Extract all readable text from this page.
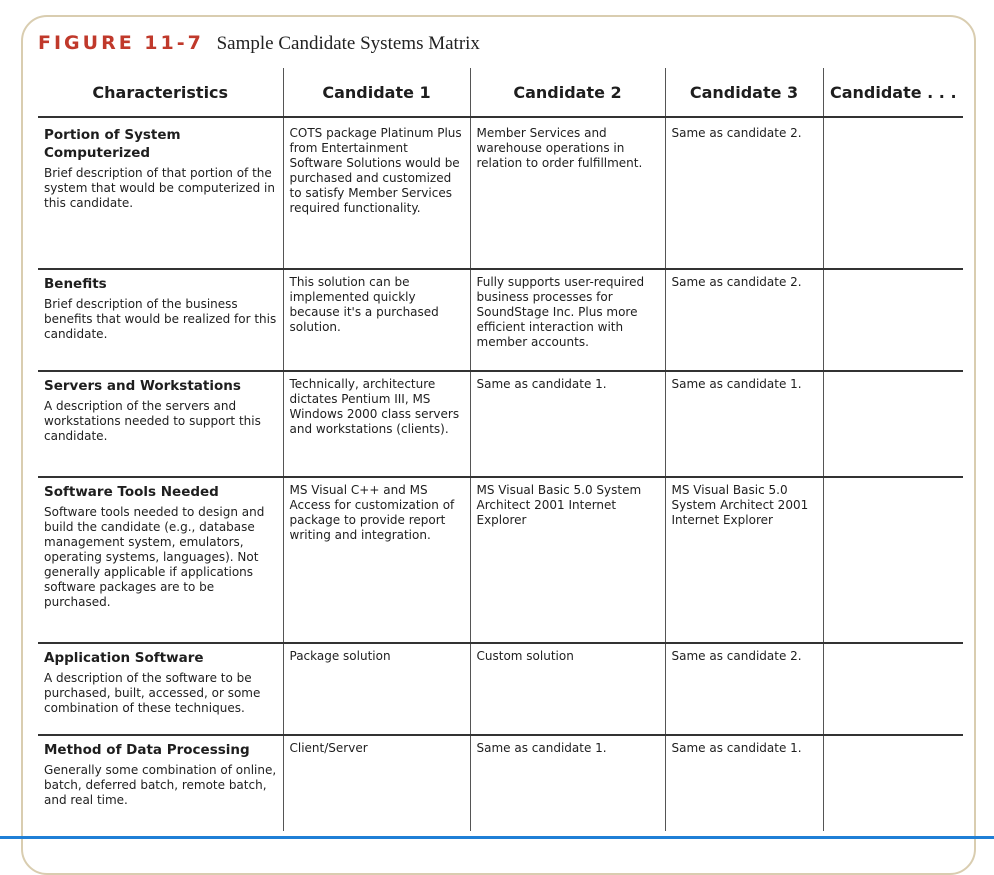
FIGURE 11-7 Sample Candidate Systems Matrix
Characteristics	Candidate 1	Candidate 2	Candidate 3	Candidate . . .

Portion of System Computerized
Brief description of that portion of the system that would be computerized in this candidate.	COTS package Platinum Plus from Entertainment Software Solutions would be purchased and customized to satisfy Member Services required functionality.	Member Services and warehouse operations in relation to order fulfillment.	Same as candidate 2.	

Benefits
Brief description of the business benefits that would be realized for this candidate.	This solution can be implemented quickly because it's a purchased solution.	Fully supports user-required business processes for SoundStage Inc. Plus more efficient interaction with member accounts.	Same as candidate 2.	

Servers and Workstations
A description of the servers and workstations needed to support this candidate.	Technically, architecture dictates Pentium III, MS Windows 2000 class servers and workstations (clients).	Same as candidate 1.	Same as candidate 1.	

Software Tools Needed
Software tools needed to design and build the candidate (e.g., database management system, emulators, operating systems, languages). Not generally applicable if applications software packages are to be purchased.	MS Visual C++ and MS Access for customization of package to provide report writing and integration.	MS Visual Basic 5.0 System Architect 2001 Internet Explorer	MS Visual Basic 5.0 System Architect 2001 Internet Explorer	

Application Software
A description of the software to be purchased, built, accessed, or some combination of these techniques.	Package solution	Custom solution	Same as candidate 2.	

Method of Data Processing
Generally some combination of online, batch, deferred batch, remote batch, and real time.	Client/Server	Same as candidate 1.	Same as candidate 1.	
